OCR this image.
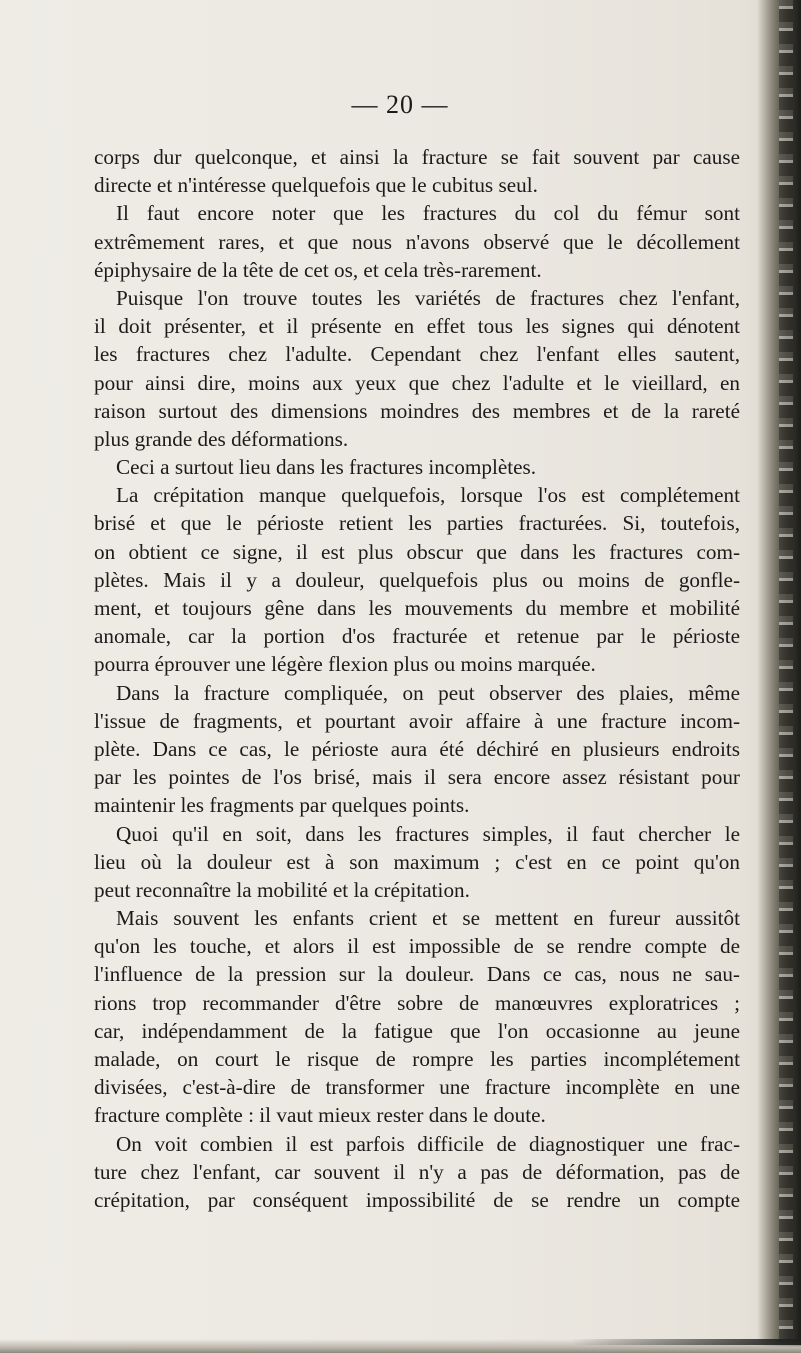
— 20 —
corps dur quelconque, et ainsi la fracture se fait souvent par cause
directe et n'intéresse quelquefois que le cubitus seul.
Il faut encore noter que les fractures du col du fémur sont
extrêmement rares, et que nous n'avons observé que le décollement
épiphysaire de la tête de cet os, et cela très-rarement.
Puisque l'on trouve toutes les variétés de fractures chez l'enfant,
il doit présenter, et il présente en effet tous les signes qui dénotent
les fractures chez l'adulte. Cependant chez l'enfant elles sautent,
pour ainsi dire, moins aux yeux que chez l'adulte et le vieillard, en
raison surtout des dimensions moindres des membres et de la rareté
plus grande des déformations.
Ceci a surtout lieu dans les fractures incomplètes.
La crépitation manque quelquefois, lorsque l'os est complétement
brisé et que le périoste retient les parties fracturées. Si, toutefois,
on obtient ce signe, il est plus obscur que dans les fractures com-
plètes. Mais il y a douleur, quelquefois plus ou moins de gonfle-
ment, et toujours gêne dans les mouvements du membre et mobilité
anomale, car la portion d'os fracturée et retenue par le périoste
pourra éprouver une légère flexion plus ou moins marquée.
Dans la fracture compliquée, on peut observer des plaies, même
l'issue de fragments, et pourtant avoir affaire à une fracture incom-
plète. Dans ce cas, le périoste aura été déchiré en plusieurs endroits
par les pointes de l'os brisé, mais il sera encore assez résistant pour
maintenir les fragments par quelques points.
Quoi qu'il en soit, dans les fractures simples, il faut chercher le
lieu où la douleur est à son maximum ; c'est en ce point qu'on
peut reconnaître la mobilité et la crépitation.
Mais souvent les enfants crient et se mettent en fureur aussitôt
qu'on les touche, et alors il est impossible de se rendre compte de
l'influence de la pression sur la douleur. Dans ce cas, nous ne sau-
rions trop recommander d'être sobre de manœuvres exploratrices ;
car, indépendamment de la fatigue que l'on occasionne au jeune
malade, on court le risque de rompre les parties incomplétement
divisées, c'est-à-dire de transformer une fracture incomplète en une
fracture complète : il vaut mieux rester dans le doute.
On voit combien il est parfois difficile de diagnostiquer une frac-
ture chez l'enfant, car souvent il n'y a pas de déformation, pas de
crépitation, par conséquent impossibilité de se rendre un compte
